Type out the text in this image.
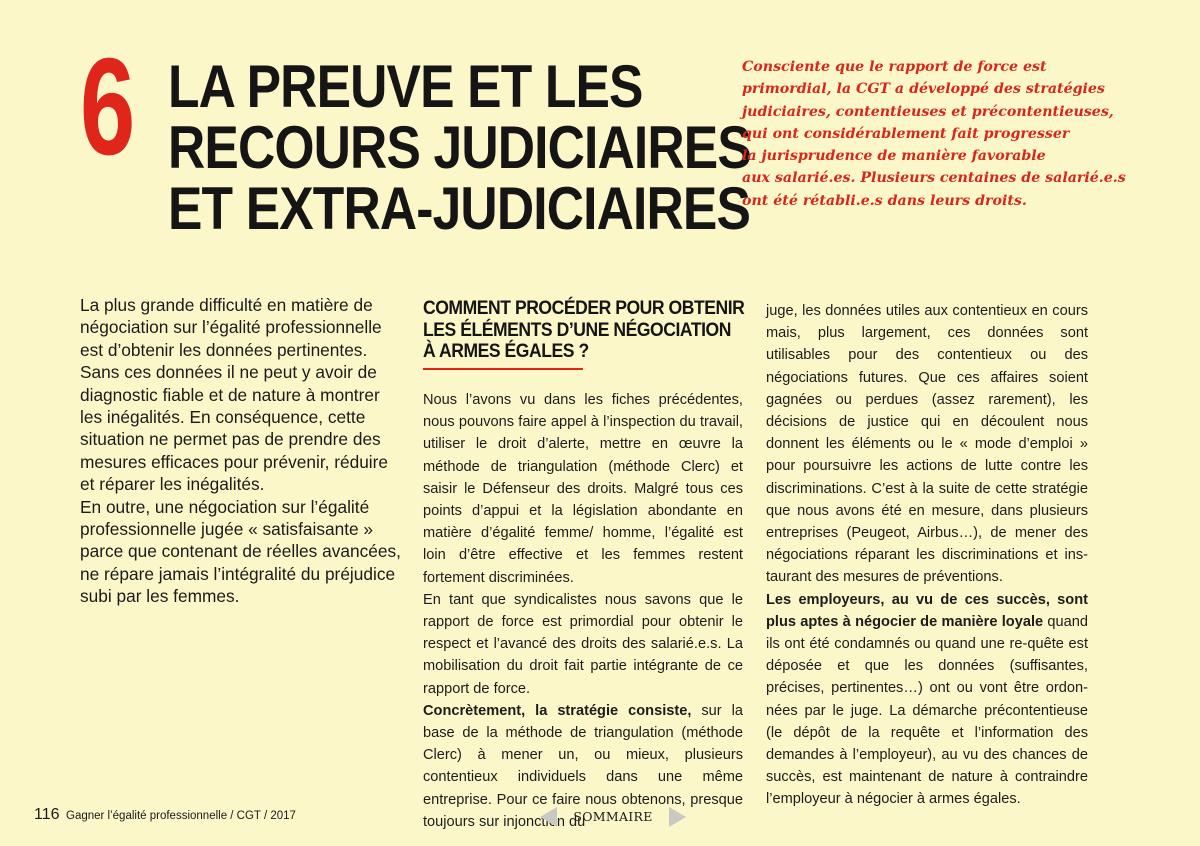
6 LA PREUVE ET LES
RECOURS JUDICIAIRES
ET EXTRA-JUDICIAIRES

Consciente que le rapport de force est
primordial, la CGT a développé des stratégies
judiciaires, contentieuses et précontentieuses,
qui ont considérablement fait progresser
la jurisprudence de manière favorable
aux salarié.es. Plusieurs centaines de salarié.e.s
ont été rétabli.e.s dans leurs droits.

La plus grande difficulté en matière de
négociation sur l’égalité professionnelle
est d’obtenir les données pertinentes.
Sans ces données il ne peut y avoir de
diagnostic fiable et de nature à montrer
les inégalités. En conséquence, cette
situation ne permet pas de prendre des
mesures efficaces pour prévenir, réduire
et réparer les inégalités.
En outre, une négociation sur l’égalité
professionnelle jugée « satisfaisante »
parce que contenant de réelles avancées,
ne répare jamais l’intégralité du préjudice
subi par les femmes.

COMMENT PROCÉDER POUR OBTENIR
LES ÉLÉMENTS D’UNE NÉGOCIATION
À ARMES ÉGALES ?

Nous l’avons vu dans les fiches précédentes, nous pouvons faire appel à l’inspection du travail, utiliser le droit d’alerte, mettre en œuvre la méthode de triangulation (méthode Clerc) et saisir le Défenseur des droits. Malgré tous ces points d’appui et la législation abondante en matière d’égalité femme/ homme, l’égalité est loin d’être effective et les femmes restent fortement discriminées.

En tant que syndicalistes nous savons que le rapport de force est primordial pour obtenir le respect et l’avancé des droits des salarié.e.s. La mobilisation du droit fait partie intégrante de ce rapport de force.

Concrètement, la stratégie consiste, sur la base de la méthode de triangulation (méthode Clerc) à mener un, ou mieux, plusieurs contentieux individuels dans une même entreprise. Pour ce faire nous obtenons, presque toujours sur injonction du

juge, les données utiles aux contentieux en cours mais, plus largement, ces données sont utilisables pour des contentieux ou des négociations futures. Que ces affaires soient gagnées ou perdues (assez rarement), les décisions de justice qui en découlent nous donnent les éléments ou le « mode d’emploi » pour poursuivre les actions de lutte contre les discriminations. C’est à la suite de cette stratégie que nous avons été en mesure, dans plusieurs entreprises (Peugeot, Airbus…), de mener des négociations réparant les discriminations et ins-taurant des mesures de préventions.

Les employeurs, au vu de ces succès, sont plus aptes à négocier de manière loyale quand ils ont été condamnés ou quand une re-quête est déposée et que les données (suffisantes, précises, pertinentes…) ont ou vont être ordon-nées par le juge. La démarche précontentieuse (le dépôt de la requête et l’information des demandes à l’employeur), au vu des chances de succès, est maintenant de nature à contraindre l’employeur à négocier à armes égales.

116 Gagner l’égalité professionnelle / CGT / 2017	SOMMAIRE
